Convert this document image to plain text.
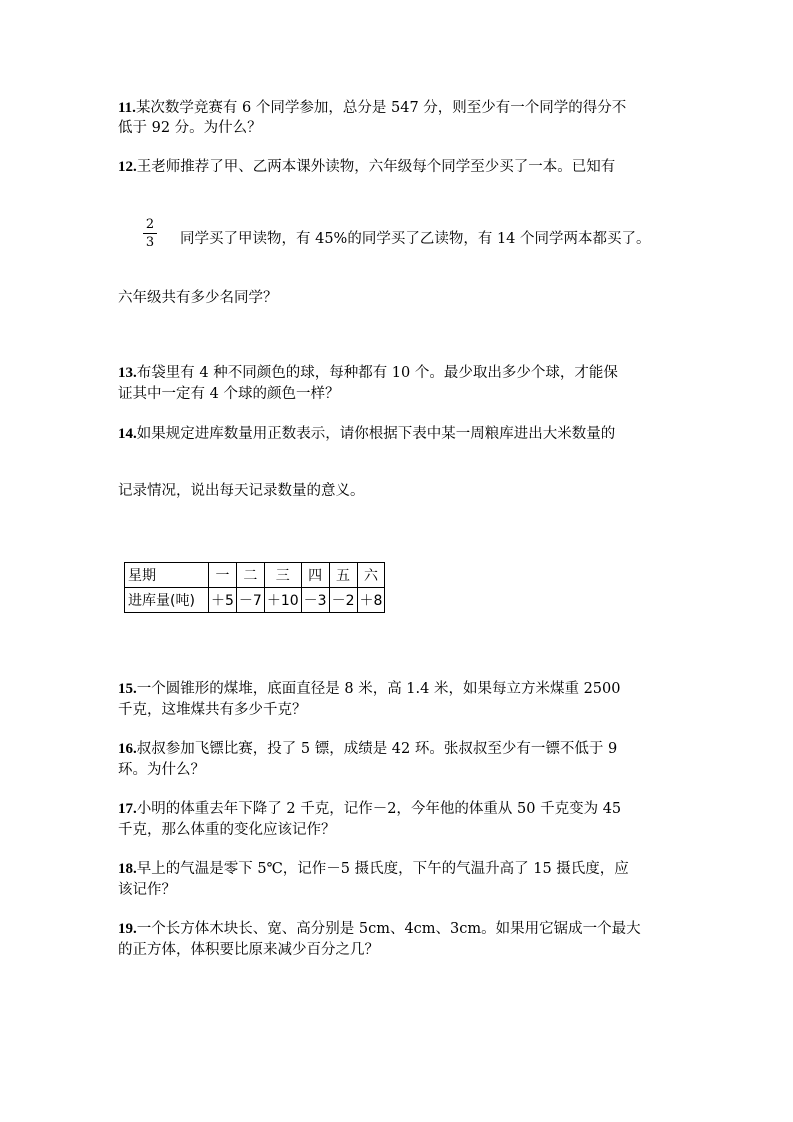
11.某次数学竞赛有 6 个同学参加，总分是 547 分，则至少有一个同学的得分不
低于 92 分。为什么？
12.王老师推荐了甲、乙两本课外读物，六年级每个同学至少买了一本。已知有
2
3	同学买了甲读物，有 45%的同学买了乙读物，有 14 个同学两本都买了。
六年级共有多少名同学？
13.布袋里有 4 种不同颜色的球，每种都有 10 个。最少取出多少个球，才能保
证其中一定有 4 个球的颜色一样？
14.如果规定进库数量用正数表示，请你根据下表中某一周粮库进出大米数量的
记录情况，说出每天记录数量的意义。
星期	一	二	三	四	五	六
进库量(吨)	＋5	－7	＋10	－3	－2	＋8
15.一个圆锥形的煤堆，底面直径是 8 米，高 1.4 米，如果每立方米煤重 2500
千克，这堆煤共有多少千克？
16.叔叔参加飞镖比赛，投了 5 镖，成绩是 42 环。张叔叔至少有一镖不低于 9
环。为什么？
17.小明的体重去年下降了 2 千克，记作－2，今年他的体重从 50 千克变为 45
千克，那么体重的变化应该记作？
18.早上的气温是零下 5℃，记作－5 摄氏度，下午的气温升高了 15 摄氏度，应
该记作？
19.一个长方体木块长、宽、高分别是 5cm、4cm、3cm。如果用它锯成一个最大
的正方体，体积要比原来减少百分之几？
